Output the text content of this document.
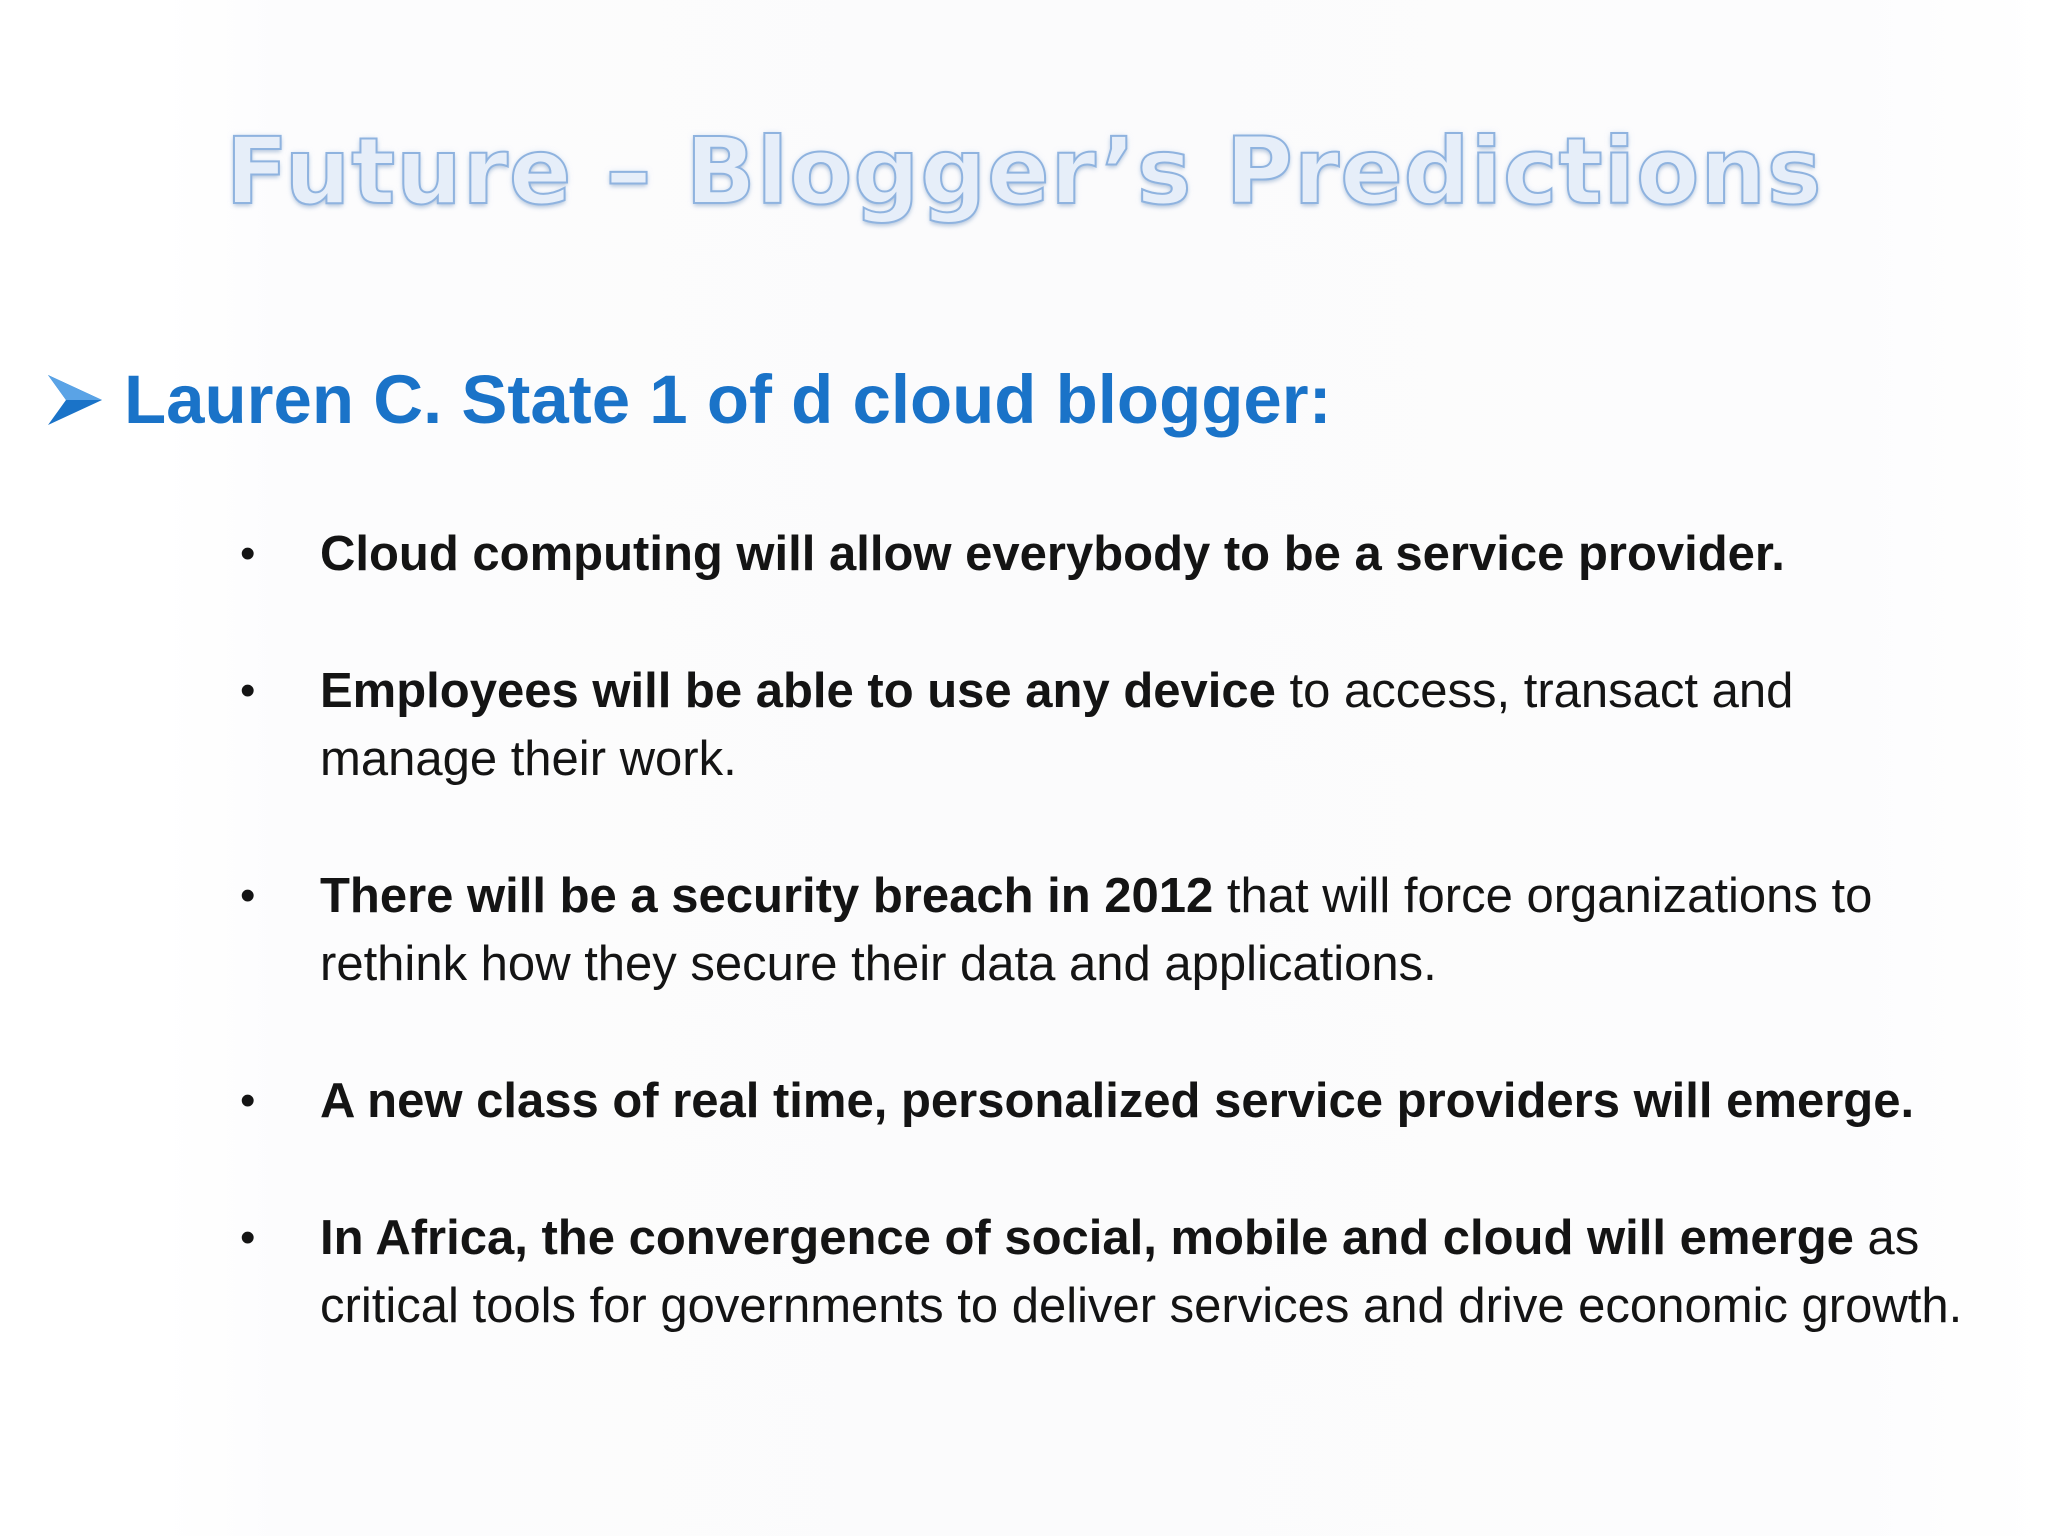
Future – Blogger’s Predictions
Lauren C. State 1 of d cloud blogger:
• Cloud computing will allow everybody to be a service provider.
• Employees will be able to use any device to access, transact and manage their work.
• There will be a security breach in 2012 that will force organizations to rethink how they secure their data and applications.
• A new class of real time, personalized service providers will emerge.
• In Africa, the convergence of social, mobile and cloud will emerge as critical tools for governments to deliver services and drive economic growth.
